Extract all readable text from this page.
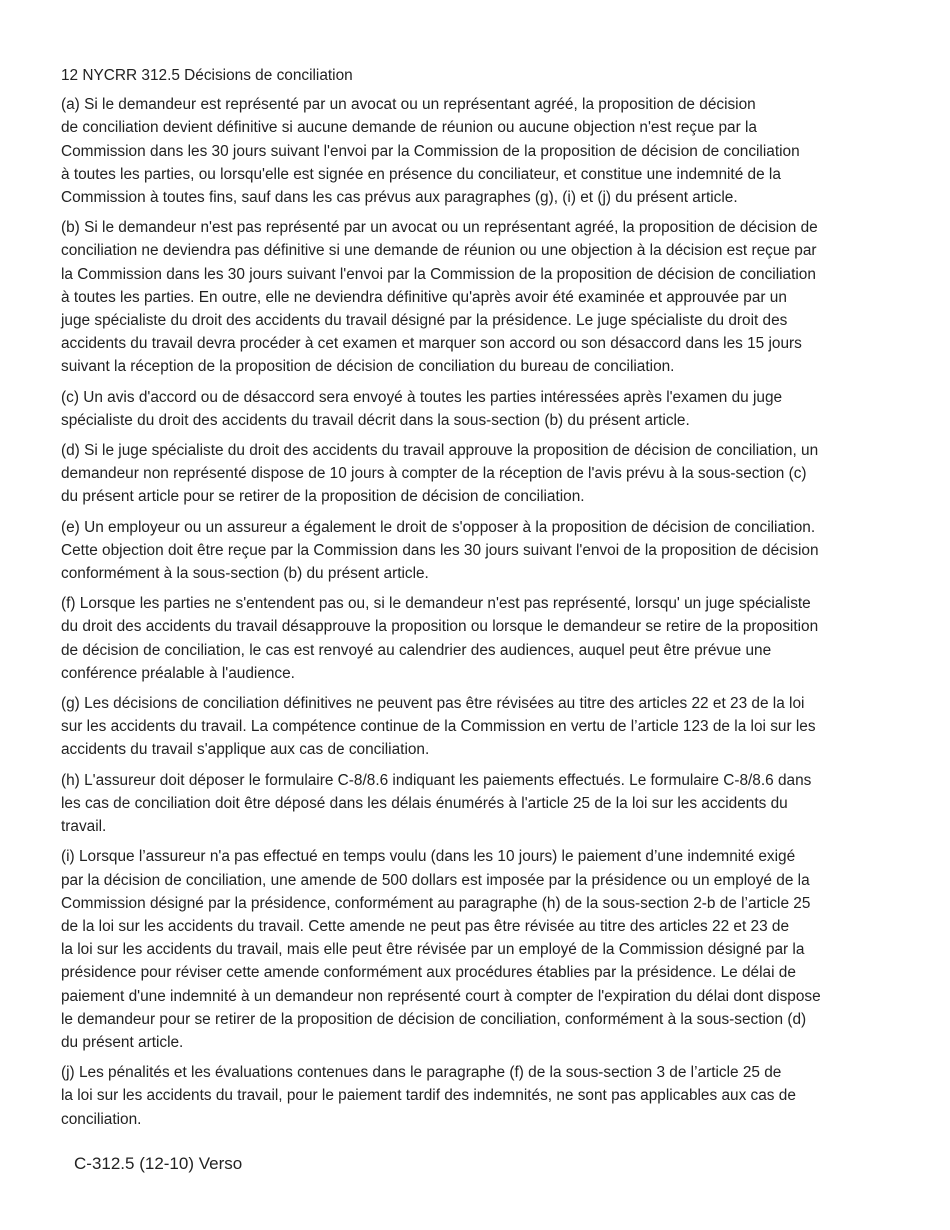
12 NYCRR 312.5 Décisions de conciliation

(a) Si le demandeur est représenté par un avocat ou un représentant agréé, la proposition de décision
de conciliation devient définitive si aucune demande de réunion ou aucune objection n'est reçue par la
Commission dans les 30 jours suivant l'envoi par la Commission de la proposition de décision de conciliation
à toutes les parties, ou lorsqu'elle est signée en présence du conciliateur, et constitue une indemnité de la
Commission à toutes fins, sauf dans les cas prévus aux paragraphes (g), (i) et (j) du présent article.

(b) Si le demandeur n'est pas représenté par un avocat ou un représentant agréé, la proposition de décision de
conciliation ne deviendra pas définitive si une demande de réunion ou une objection à la décision est reçue par
la Commission dans les 30 jours suivant l'envoi par la Commission de la proposition de décision de conciliation
à toutes les parties. En outre, elle ne deviendra définitive qu'après avoir été examinée et approuvée par un
juge spécialiste du droit des accidents du travail désigné par la présidence. Le juge spécialiste du droit des
accidents du travail devra procéder à cet examen et marquer son accord ou son désaccord dans les 15 jours
suivant la réception de la proposition de décision de conciliation du bureau de conciliation.

(c) Un avis d'accord ou de désaccord sera envoyé à toutes les parties intéressées après l'examen du juge
spécialiste du droit des accidents du travail décrit dans la sous-section (b) du présent article.

(d) Si le juge spécialiste du droit des accidents du travail approuve la proposition de décision de conciliation, un
demandeur non représenté dispose de 10 jours à compter de la réception de l'avis prévu à la sous-section (c)
du présent article pour se retirer de la proposition de décision de conciliation.

(e) Un employeur ou un assureur a également le droit de s'opposer à la proposition de décision de conciliation.
Cette objection doit être reçue par la Commission dans les 30 jours suivant l'envoi de la proposition de décision
conformément à la sous-section (b) du présent article.

(f) Lorsque les parties ne s'entendent pas ou, si le demandeur n'est pas représenté, lorsqu' un juge spécialiste
du droit des accidents du travail désapprouve la proposition ou lorsque le demandeur se retire de la proposition
de décision de conciliation, le cas est renvoyé au calendrier des audiences, auquel peut être prévue une
conférence préalable à l'audience.

(g) Les décisions de conciliation définitives ne peuvent pas être révisées au titre des articles 22 et 23 de la loi
sur les accidents du travail. La compétence continue de la Commission en vertu de l’article 123 de la loi sur les
accidents du travail s'applique aux cas de conciliation.

(h) L'assureur doit déposer le formulaire C-8/8.6 indiquant les paiements effectués. Le formulaire C-8/8.6 dans
les cas de conciliation doit être déposé dans les délais énumérés à l'article 25 de la loi sur les accidents du
travail.

(i) Lorsque l’assureur n'a pas effectué en temps voulu (dans les 10 jours) le paiement d’une indemnité exigé
par la décision de conciliation, une amende de 500 dollars est imposée par la présidence ou un employé de la
Commission désigné par la présidence, conformément au paragraphe (h) de la sous-section 2-b de l’article 25
de la loi sur les accidents du travail. Cette amende ne peut pas être révisée au titre des articles 22 et 23 de
la loi sur les accidents du travail, mais elle peut être révisée par un employé de la Commission désigné par la
présidence pour réviser cette amende conformément aux procédures établies par la présidence. Le délai de
paiement d'une indemnité à un demandeur non représenté court à compter de l'expiration du délai dont dispose
le demandeur pour se retirer de la proposition de décision de conciliation, conformément à la sous-section (d)
du présent article.

(j) Les pénalités et les évaluations contenues dans le paragraphe (f) de la sous-section 3 de l’article 25 de
la loi sur les accidents du travail, pour le paiement tardif des indemnités, ne sont pas applicables aux cas de
conciliation.

C-312.5 (12-10) Verso
